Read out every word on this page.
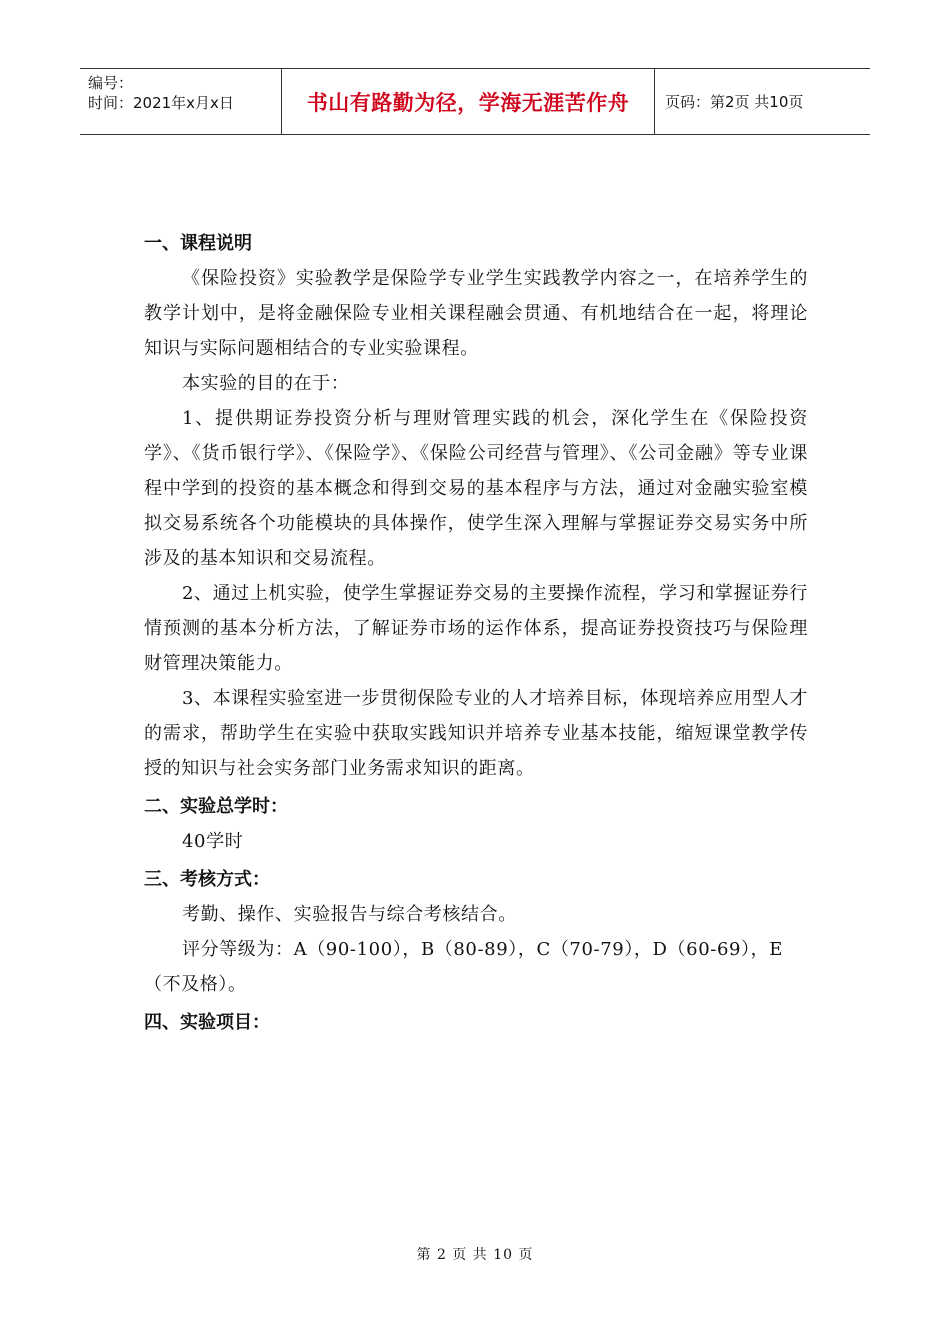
编号：
时间：2021年x月x日	书山有路勤为径，学海无涯苦作舟	页码：第2页 共10页
一、课程说明

《保险投资》实验教学是保险学专业学生实践教学内容之一，在培养学生的教学计划中，是将金融保险专业相关课程融会贯通、有机地结合在一起，将理论知识与实际问题相结合的专业实验课程。

本实验的目的在于：

1、提供期证券投资分析与理财管理实践的机会，深化学生在《保险投资学》、《货币银行学》、《保险学》、《保险公司经营与管理》、《公司金融》等专业课程中学到的投资的基本概念和得到交易的基本程序与方法，通过对金融实验室模拟交易系统各个功能模块的具体操作，使学生深入理解与掌握证券交易实务中所涉及的基本知识和交易流程。

2、通过上机实验，使学生掌握证券交易的主要操作流程，学习和掌握证券行情预测的基本分析方法，了解证券市场的运作体系，提高证券投资技巧与保险理财管理决策能力。

3、本课程实验室进一步贯彻保险专业的人才培养目标，体现培养应用型人才的需求，帮助学生在实验中获取实践知识并培养专业基本技能，缩短课堂教学传授的知识与社会实务部门业务需求知识的距离。

二、实验总学时：

40学时

三、考核方式：

考勤、操作、实验报告与综合考核结合。

评分等级为：A（90-100），B（80-89），C（70-79），D（60-69），E（不及格）。

四、实验项目：
第 2 页 共 10 页
